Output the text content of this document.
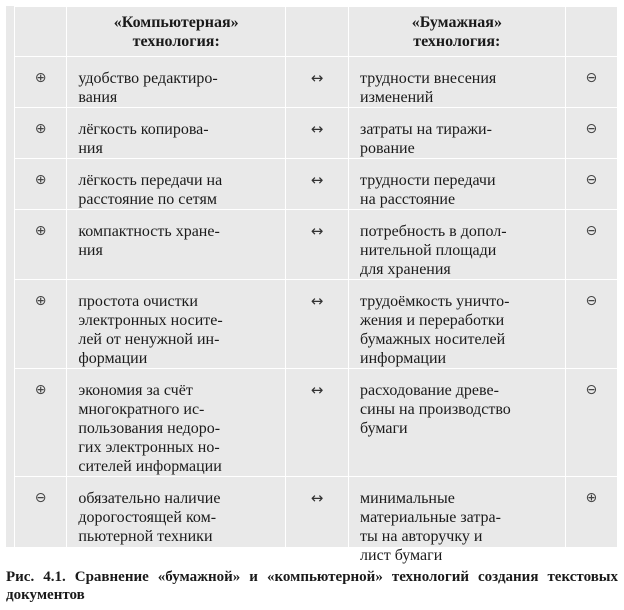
	«Компьютерная»
технология:		«Бумажная»
технология:	
⊕	удобство редактиро-
вания	↔	трудности внесения
изменений	⊖
⊕	лёгкость копирова-
ния	↔	затраты на тиражи-
рование	⊖
⊕	лёгкость передачи на
расстояние по сетям	↔	трудности передачи
на расстояние	⊖
⊕	компактность хране-
ния	↔	потребность в допол-
нительной площади
для хранения	⊖
⊕	простота очистки
электронных носите-
лей от ненужной ин-
формации	↔	трудоёмкость уничто-
жения и переработки
бумажных носителей
информации	⊖
⊕	экономия за счёт
многократного ис-
пользования недоро-
гих электронных но-
сителей информации	↔	расходование древе-
сины на производство
бумаги	⊖
⊖	обязательно наличие
дорогостоящей ком-
пьютерной техники	↔	минимальные
материальные затра-
ты на авторучку и
лист бумаги	⊕
Рис. 4.1. Сравнение «бумажной» и «компьютерной» технологий создания текстовых документов
